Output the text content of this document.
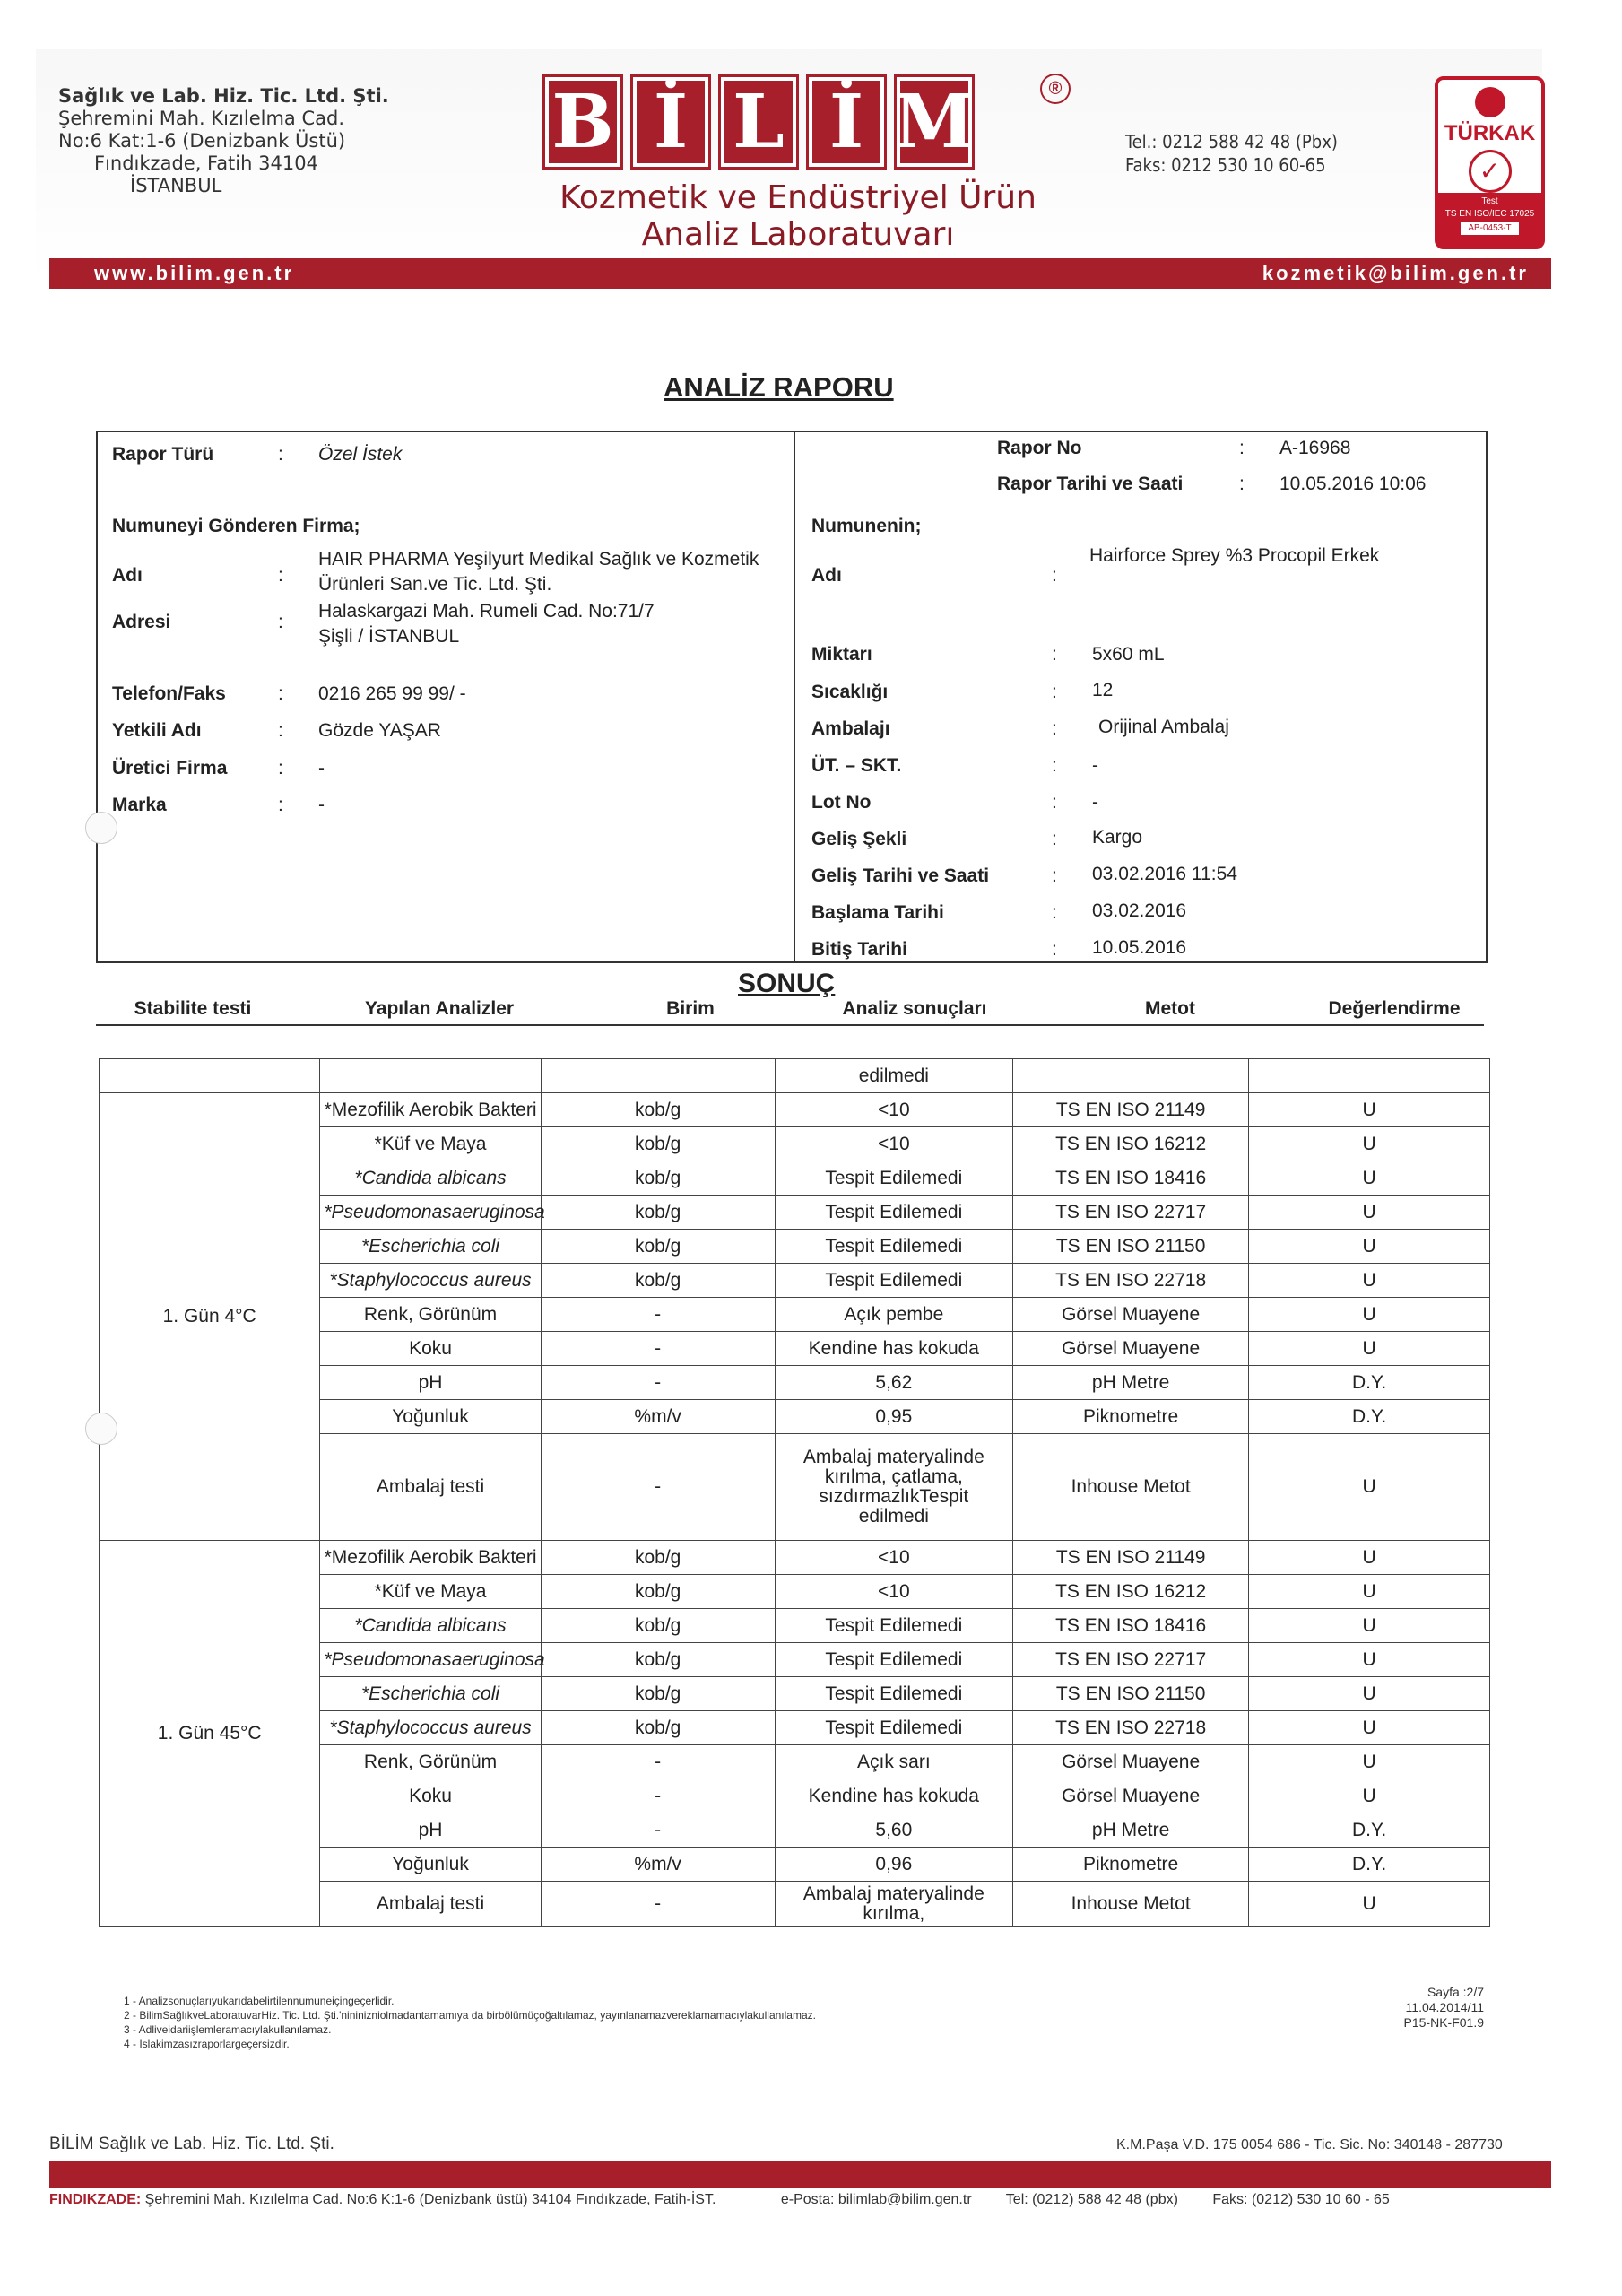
Sağlık ve Lab. Hiz. Tic. Ltd. Şti.
Şehremini Mah. Kızılelma Cad.
No:6 Kat:1-6 (Denizbank Üstü)
Fındıkzade, Fatih 34104
İSTANBUL
B İ L İ M	®
Kozmetik ve Endüstriyel Ürün
Analiz Laboratuvarı
Tel.: 0212 588 42 48 (Pbx)
Faks: 0212 530 10 60-65
TÜRKAK
✓
Test
TS EN ISO/IEC 17025
AB-0453-T
www.bilim.gen.tr	kozmetik@bilim.gen.tr
ANALİZ RAPORU
Rapor Türü	: Özel İstek
Numuneyi Gönderen Firma;
Adı	:
HAIR PHARMA Yeşilyurt Medikal Sağlık ve Kozmetik
Ürünleri San.ve Tic. Ltd. Şti.
Adresi	:
Halaskargazi Mah. Rumeli Cad. No:71/7
Şişli / İSTANBUL
Telefon/Faks	: 0216 265 99 99/ -
Yetkili Adı	: Gözde YAŞAR
Üretici Firma	: -
Marka	: -
Rapor No	: A-16968
Rapor Tarihi ve Saati	: 10.05.2016 10:06
Numunenin;
Adı	:
Hairforce Sprey %3 Procopil Erkek
Miktarı	: 5x60 mL
Sıcaklığı	: 12
Ambalajı	: Orijinal Ambalaj
ÜT. – SKT.	: -
Lot No	: -
Geliş Şekli	: Kargo
Geliş Tarihi ve Saati	: 03.02.2016 11:54
Başlama Tarihi	: 03.02.2016
Bitiş Tarihi	: 10.05.2016
SONUÇ
Stabilite testi	Yapılan Analizler	Birim	Analiz sonuçları	Metot	Değerlendirme
			edilmedi		
1. Gün 4°C	*Mezofilik Aerobik Bakteri	kob/g	<10	TS EN ISO 21149	U
	*Küf ve Maya	kob/g	<10	TS EN ISO 16212	U
	*Candida albicans	kob/g	Tespit Edilemedi	TS EN ISO 18416	U
	*Pseudomonasaeruginosa	kob/g	Tespit Edilemedi	TS EN ISO 22717	U
	*Escherichia coli	kob/g	Tespit Edilemedi	TS EN ISO 21150	U
	*Staphylococcus aureus	kob/g	Tespit Edilemedi	TS EN ISO 22718	U
	Renk, Görünüm	-	Açık pembe	Görsel Muayene	U
	Koku	-	Kendine has kokuda	Görsel Muayene	U
	pH	-	5,62	pH Metre	D.Y.
	Yoğunluk	%m/v	0,95	Piknometre	D.Y.
	Ambalaj testi	-	Ambalaj materyalinde kırılma, çatlama, sızdırmazlıkTespit edilmedi	Inhouse Metot	U
1. Gün 45°C	*Mezofilik Aerobik Bakteri	kob/g	<10	TS EN ISO 21149	U
	*Küf ve Maya	kob/g	<10	TS EN ISO 16212	U
	*Candida albicans	kob/g	Tespit Edilemedi	TS EN ISO 18416	U
	*Pseudomonasaeruginosa	kob/g	Tespit Edilemedi	TS EN ISO 22717	U
	*Escherichia coli	kob/g	Tespit Edilemedi	TS EN ISO 21150	U
	*Staphylococcus aureus	kob/g	Tespit Edilemedi	TS EN ISO 22718	U
	Renk, Görünüm	-	Açık sarı	Görsel Muayene	U
	Koku	-	Kendine has kokuda	Görsel Muayene	U
	pH	-	5,60	pH Metre	D.Y.
	Yoğunluk	%m/v	0,96	Piknometre	D.Y.
	Ambalaj testi	-	Ambalaj materyalinde kırılma,	Inhouse Metot	U
1 - Analizsonuçlarıyukarıdabelirtilennumuneiçingeçerlidir.
2 - BilimSağlıkveLaboratuvarHiz. Tic. Ltd. Şti.'nininizniolmadantamamıya da birbölümüçoğaltılamaz, yayınlanamazvereklamamacıylakullanılamaz.
3 - Adliveidariişlemleramacıylakullanılamaz.
4 - Islakimzasızraporlargeçersizdir.
Sayfa :2/7
11.04.2014/11
P15-NK-F01.9
BİLİM Sağlık ve Lab. Hiz. Tic. Ltd. Şti.	K.M.Paşa V.D. 175 0054 686 - Tic. Sic. No: 340148 - 287730
FINDIKZADE: Şehremini Mah. Kızılelma Cad. No:6 K:1-6 (Denizbank üstü) 34104 Fındıkzade, Fatih-İST.	e-Posta: bilimlab@bilim.gen.tr Tel: (0212) 588 42 48 (pbx) Faks: (0212) 530 10 60 - 65
